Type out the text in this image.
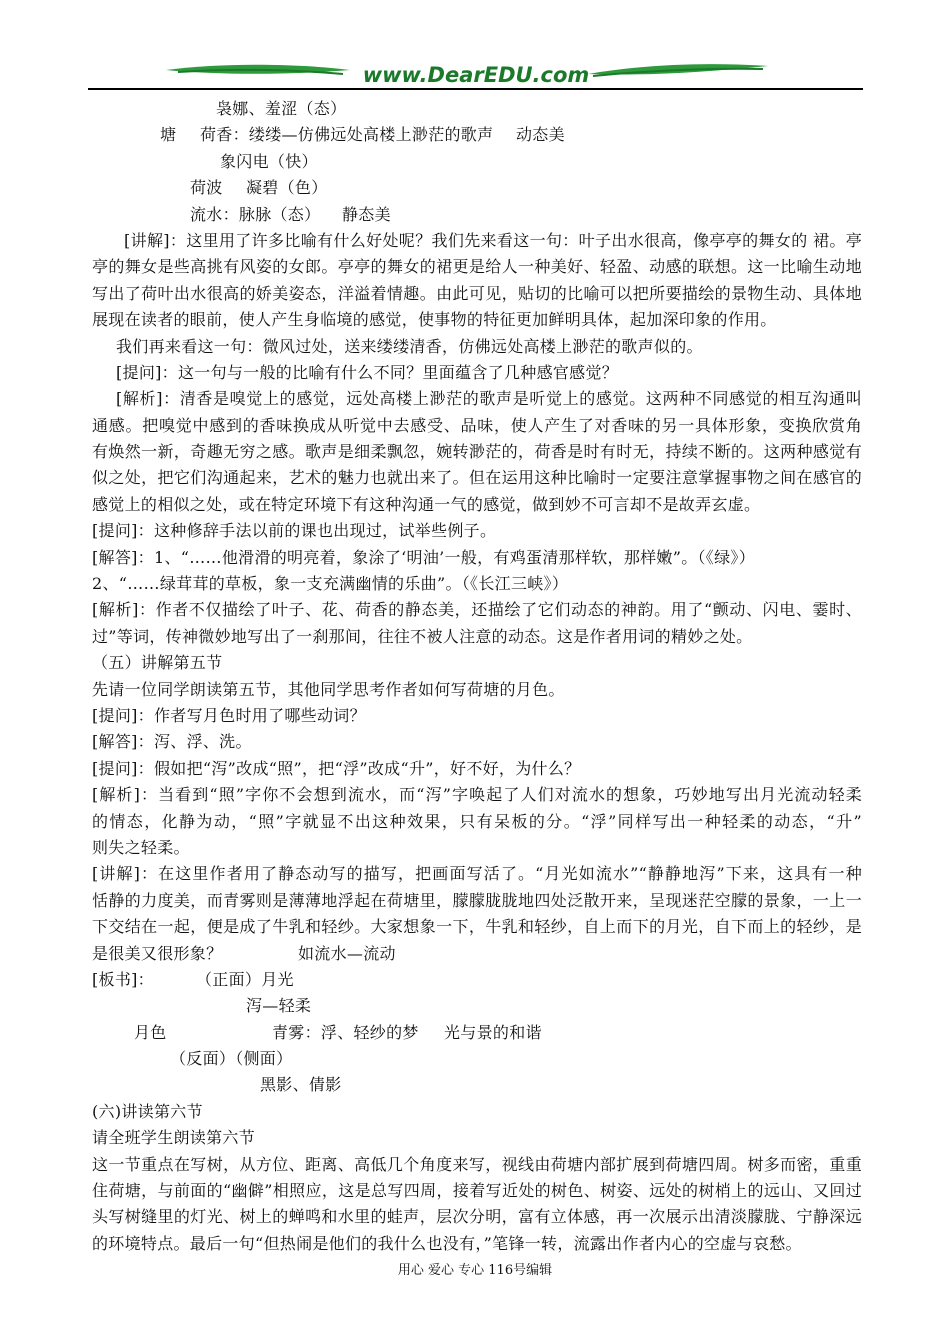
www.DearEDU.com
袅娜、羞涩（态）
塘 荷香：缕缕—仿佛远处高楼上渺茫的歌声 动态美
象闪电（快）
荷波 凝碧（色）
流水：脉脉（态） 静态美
[讲解]：这里用了许多比喻有什么好处呢？我们先来看这一句：叶子出水很高，像亭亭的舞女的 裙。亭
亭的舞女是些高挑有风姿的女郎。亭亭的舞女的裙更是给人一种美好、轻盈、动感的联想。这一比喻生动地
写出了荷叶出水很高的娇美姿态，洋溢着情趣。由此可见，贴切的比喻可以把所要描绘的景物生动、具体地
展现在读者的眼前，使人产生身临境的感觉，使事物的特征更加鲜明具体，起加深印象的作用。
我们再来看这一句：微风过处，送来缕缕清香，仿佛远处高楼上渺茫的歌声似的。
[提问]：这一句与一般的比喻有什么不同？里面蕴含了几种感官感觉？
[解析]：清香是嗅觉上的感觉，远处高楼上渺茫的歌声是听觉上的感觉。这两种不同感觉的相互沟通叫
通感。把嗅觉中感到的香味换成从听觉中去感受、品味，使人产生了对香味的另一具体形象，变换欣赏角
有焕然一新，奇趣无穷之感。歌声是细柔飘忽，婉转渺茫的，荷香是时有时无，持续不断的。这两种感觉有
似之处，把它们沟通起来，艺术的魅力也就出来了。但在运用这种比喻时一定要注意掌握事物之间在感官的
感觉上的相似之处，或在特定环境下有这种沟通一气的感觉，做到妙不可言却不是故弄玄虚。
[提问]：这种修辞手法以前的课也出现过，试举些例子。
[解答]：1、“……他滑滑的明亮着，象涂了‘明油’一般，有鸡蛋清那样软，那样嫩”。（《绿》）
2、“……绿茸茸的草板，象一支充满幽情的乐曲”。（《长江三峡》）
[解析]：作者不仅描绘了叶子、花、荷香的静态美，还描绘了它们动态的神韵。用了“颤动、闪电、霎时、
过”等词，传神微妙地写出了一刹那间，往往不被人注意的动态。这是作者用词的精妙之处。
（五）讲解第五节
先请一位同学朗读第五节，其他同学思考作者如何写荷塘的月色。
[提问]：作者写月色时用了哪些动词？
[解答]：泻、浮、洗。
[提问]：假如把“泻”改成“照”，把“浮”改成“升”，好不好，为什么？
[解析]：当看到“照”字你不会想到流水，而“泻”字唤起了人们对流水的想象，巧妙地写出月光流动轻柔
的情态，化静为动，“照”字就显不出这种效果，只有呆板的分。“浮”同样写出一种轻柔的动态，“升”
则失之轻柔。
[讲解]：在这里作者用了静态动写的描写，把画面写活了。“月光如流水”“静静地泻”下来，这具有一种
恬静的力度美，而青雾则是薄薄地浮起在荷塘里，朦朦胧胧地四处泛散开来，呈现迷茫空朦的景象，一上一
下交结在一起，便是成了牛乳和轻纱。大家想象一下，牛乳和轻纱，自上而下的月光，自下而上的轻纱，是
是很美又很形象？	如流水—流动
[板书]：	（正面）月光
泻—轻柔
月色	青雾：浮、轻纱的梦 光与景的和谐
（反面）（侧面）
黑影、倩影
(六)讲读第六节
请全班学生朗读第六节
这一节重点在写树，从方位、距离、高低几个角度来写，视线由荷塘内部扩展到荷塘四周。树多而密，重重
住荷塘，与前面的“幽僻”相照应，这是总写四周，接着写近处的树色、树姿、远处的树梢上的远山、又回过
头写树缝里的灯光、树上的蝉鸣和水里的蛙声，层次分明，富有立体感，再一次展示出清淡朦胧、宁静深远
的环境特点。最后一句“但热闹是他们的我什么也没有，”笔锋一转，流露出作者内心的空虚与哀愁。
用心 爱心 专心 116号编辑
